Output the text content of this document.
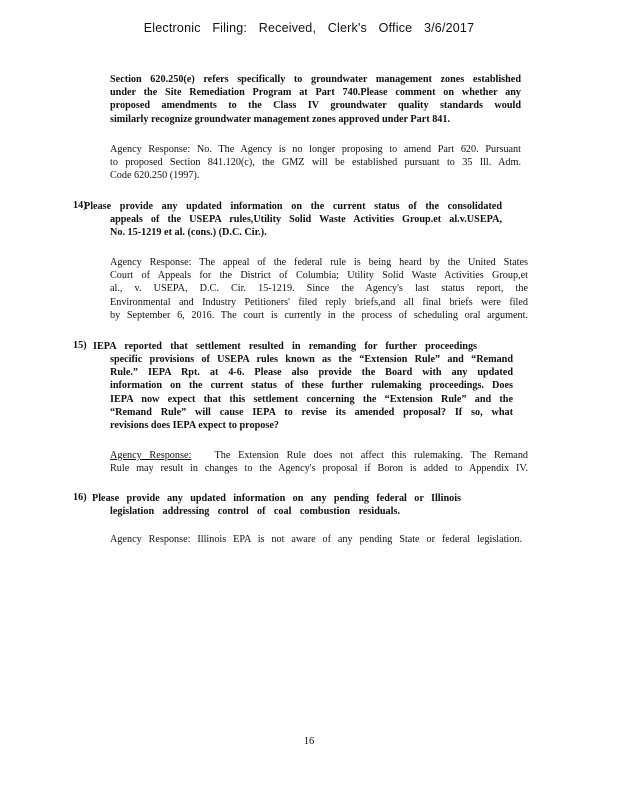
Electronic Filing: Received, Clerk's Office 3/6/2017
Section 620.250(e) refers specifically to groundwater management zones established
under the Site Remediation Program at Part 740.Please comment on whether any
proposed amendments to the Class IV groundwater quality standards would
similarly recognize groundwater management zones approved under Part 841.
Agency Response: No. The Agency is no longer proposing to amend Part 620. Pursuant
to proposed Section 841.120(c), the GMZ will be established pursuant to 35 Ill. Adm.
Code 620.250 (1997).
14)
Please provide any updated information on the current status of the consolidated
appeals of the USEPA rules,Utility Solid Waste Activities Group.et al.v.USEPA,
No. 15-1219 et al. (cons.) (D.C. Cir.).
Agency Response: The appeal of the federal rule is being heard by the United States
Court of Appeals for the District of Columbia; Utility Solid Waste Activities Group,et
al., v. USEPA, D.C. Cir. 15-1219. Since the Agency's last status report, the
Environmental and Industry Petitioners' filed reply briefs,and all final briefs were filed
by September 6, 2016. The court is currently in the process of scheduling oral argument.
15) IEPA reported that settlement resulted in remanding for further proceedings
specific provisions of USEPA rules known as the “Extension Rule” and “Remand
Rule.” IEPA Rpt. at 4-6. Please also provide the Board with any updated
information on the current status of these further rulemaking proceedings. Does
IEPA now expect that this settlement concerning the “Extension Rule” and the
“Remand Rule” will cause IEPA to revise its amended proposal? If so, what
revisions does IEPA expect to propose?
Agency Response: The Extension Rule does not affect this rulemaking. The Remand
Rule may result in changes to the Agency's proposal if Boron is added to Appendix IV.
16) Please provide any updated information on any pending federal or Illinois
legislation addressing control of coal combustion residuals.
Agency Response: Illinois EPA is not aware of any pending State or federal legislation.
16
